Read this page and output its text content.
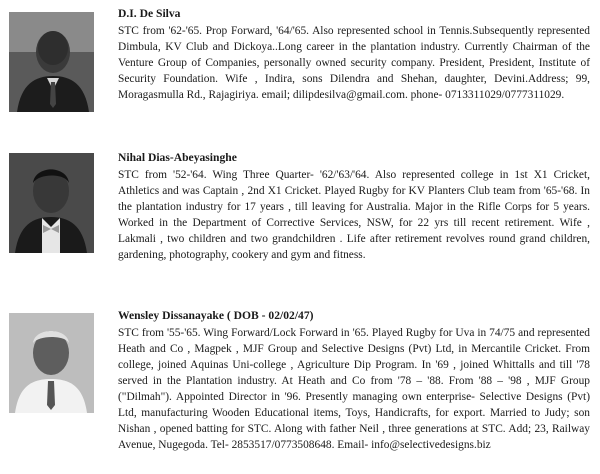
D.I. De Silva
STC from '62-'65. Prop Forward, '64/'65. Also represented school in Tennis.Subsequently represented Dimbula, KV Club and Dickoya..Long career in the plantation industry. Currently Chairman of the Venture Group of Companies, personally owned security company. President, President, Institute of Security Foundation. Wife , Indira, sons Dilendra and Shehan, daughter, Devini.Address; 99, Moragasmulla Rd., Rajagiriya. email; dilipdesilva@gmail.com. phone- 0713311029/0777311029.
Nihal Dias-Abeyasinghe
STC from '52-'64. Wing Three Quarter- '62/'63/'64. Also represented college in 1st X1 Cricket, Athletics and was Captain , 2nd X1 Cricket. Played Rugby for KV Planters Club team from '65-'68. In the plantation industry for 17 years , till leaving for Australia. Major in the Rifle Corps for 5 years. Worked in the Department of Corrective Services, NSW, for 22 yrs till recent retirement. Wife , Lakmali , two children and two grandchildren . Life after retirement revolves round grand children, gardening, photography, cookery and gym and fitness.
Wensley Dissanayake ( DOB - 02/02/47)
STC from '55-'65. Wing Forward/Lock Forward in '65. Played Rugby for Uva in 74/75 and represented Heath and Co , Magpek , MJF Group and Selective Designs (Pvt) Ltd, in Mercantile Cricket. From college, joined Aquinas Uni-college , Agriculture Dip Program. In '69 , joined Whittalls and till '78 served in the Plantation industry. At Heath and Co from '78 – '88. From '88 – '98 , MJF Group ("Dilmah"). Appointed Director in '96. Presently managing own enterprise- Selective Designs (Pvt) Ltd, manufacturing Wooden Educational items, Toys, Handicrafts, for export. Married to Judy; son Nishan , opened batting for STC. Along with father Neil , three generations at STC. Add; 23, Railway Avenue, Nugegoda. Tel- 2853517/0773508648. Email- info@selectivedesigns.biz
